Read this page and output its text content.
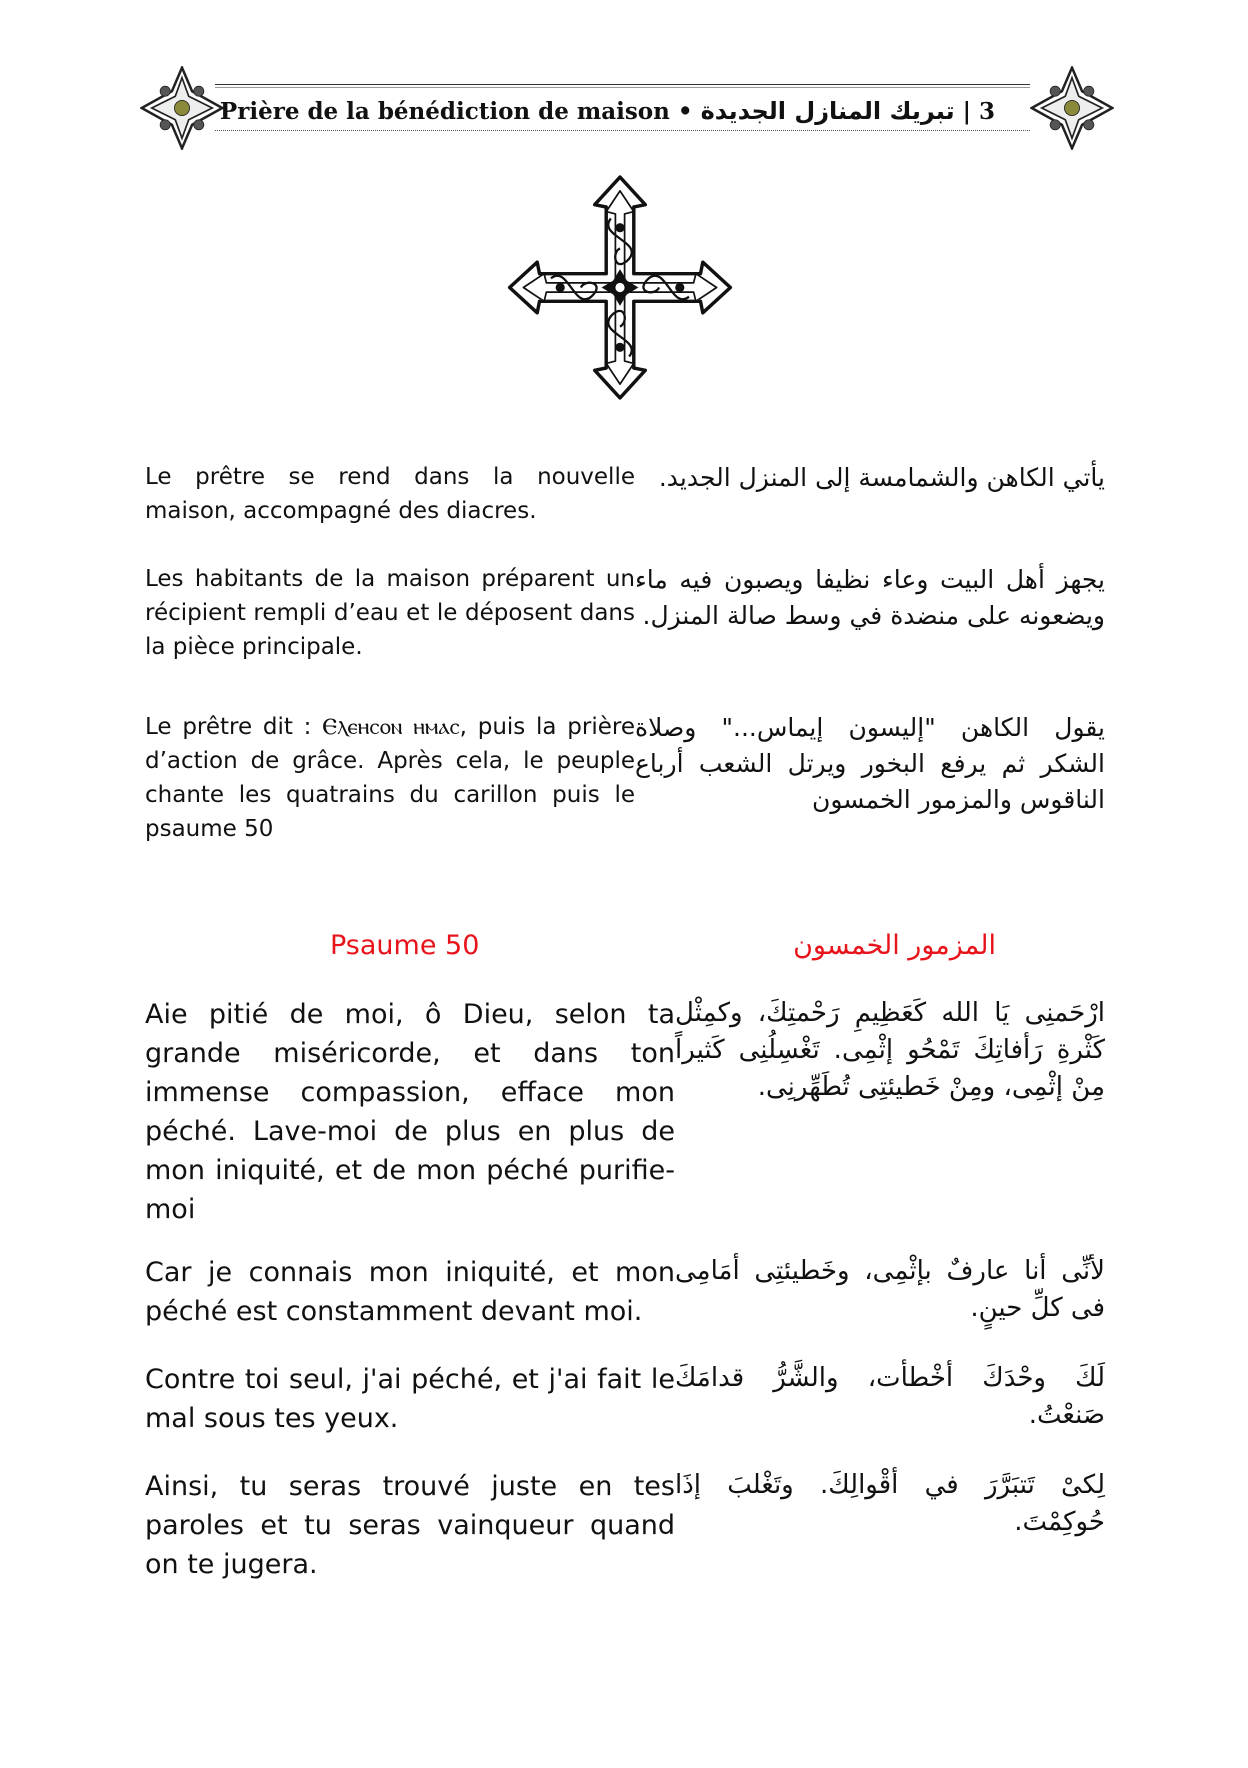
Prière de la bénédiction de maison • تبريك المنازل الجديدة | 3
Le prêtre se rend dans la nouvelle maison, accompagné des diacres.
يأتي الكاهن والشمامسة إلى المنزل الجديد.
Les habitants de la maison préparent un récipient rempli d’eau et le déposent dans la pièce principale.
يجهز أهل البيت وعاء نظيفا ويصبون فيه ماء ويضعونه على منضدة في وسط صالة المنزل.
Le prêtre dit : Ⲉⲗⲉⲏⲥⲟⲛ ⲏⲙⲁⲥ, puis la prière d’action de grâce. Après cela, le peuple chante les quatrains du carillon puis le psaume 50
يقول الكاهن "إليسون إيماس..." وصلاة الشكر ثم يرفع البخور ويرتل الشعب أرباع الناقوس والمزمور الخمسون
Psaume 50	المزمور الخمسون
Aie pitié de moi, ô Dieu, selon ta grande miséricorde, et dans ton immense compassion, efface mon péché. Lave-moi de plus en plus de mon iniquité, et de mon péché purifie-moi
ارْحَمنِى يَا الله كَعَظِيمِ رَحْمتِكَ، وكمِثْل كَثْرةِ رَأفاتِكَ تَمْحُو إثْمِى. تَغْسِلُنِى كَثيراً مِنْ إثْمِى، ومِنْ خَطيئتِى تُطَهِّرنِى.
Car je connais mon iniquité, et mon péché est constamment devant moi.
لأنِّى أنا عارفٌ بإثْمِى، وخَطيئتِى أمَامِى فى كلِّ حينٍ.
Contre toi seul, j'ai péché, et j'ai fait le mal sous tes yeux.
لَكَ وحْدَكَ أخْطأت، والشَّرُّ قدامَكَ صَنعْتُ.
Ainsi, tu seras trouvé juste en tes paroles et tu seras vainqueur quand on te jugera.
لِكىْ تَتبَرَّرَ في أقْوالِكَ. وتَغْلبَ إذَا حُوكِمْتَ.
